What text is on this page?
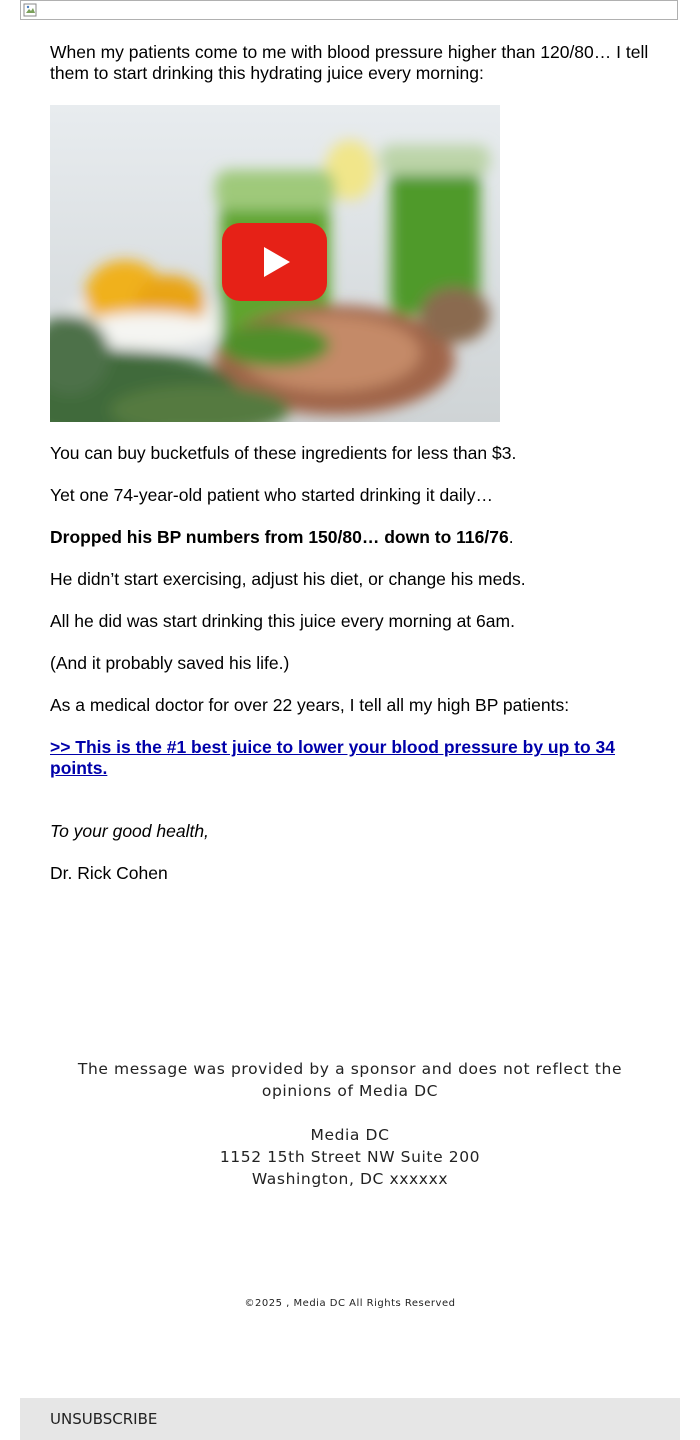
When my patients come to me with blood pressure higher than 120/80… I tell them to start drinking this hydrating juice every morning:

You can buy bucketfuls of these ingredients for less than $3.

Yet one 74-year-old patient who started drinking it daily…

Dropped his BP numbers from 150/80… down to 116/76.

He didn’t start exercising, adjust his diet, or change his meds.

All he did was start drinking this juice every morning at 6am.

(And it probably saved his life.)

As a medical doctor for over 22 years, I tell all my high BP patients:

>> This is the #1 best juice to lower your blood pressure by up to 34 points.

To your good health,

Dr. Rick Cohen

The message was provided by a sponsor and does not reflect the opinions of Media DC

Media DC
1152 15th Street NW Suite 200
Washington, DC xxxxxx
©2025 , Media DC All Rights Reserved
UNSUBSCRIBE
